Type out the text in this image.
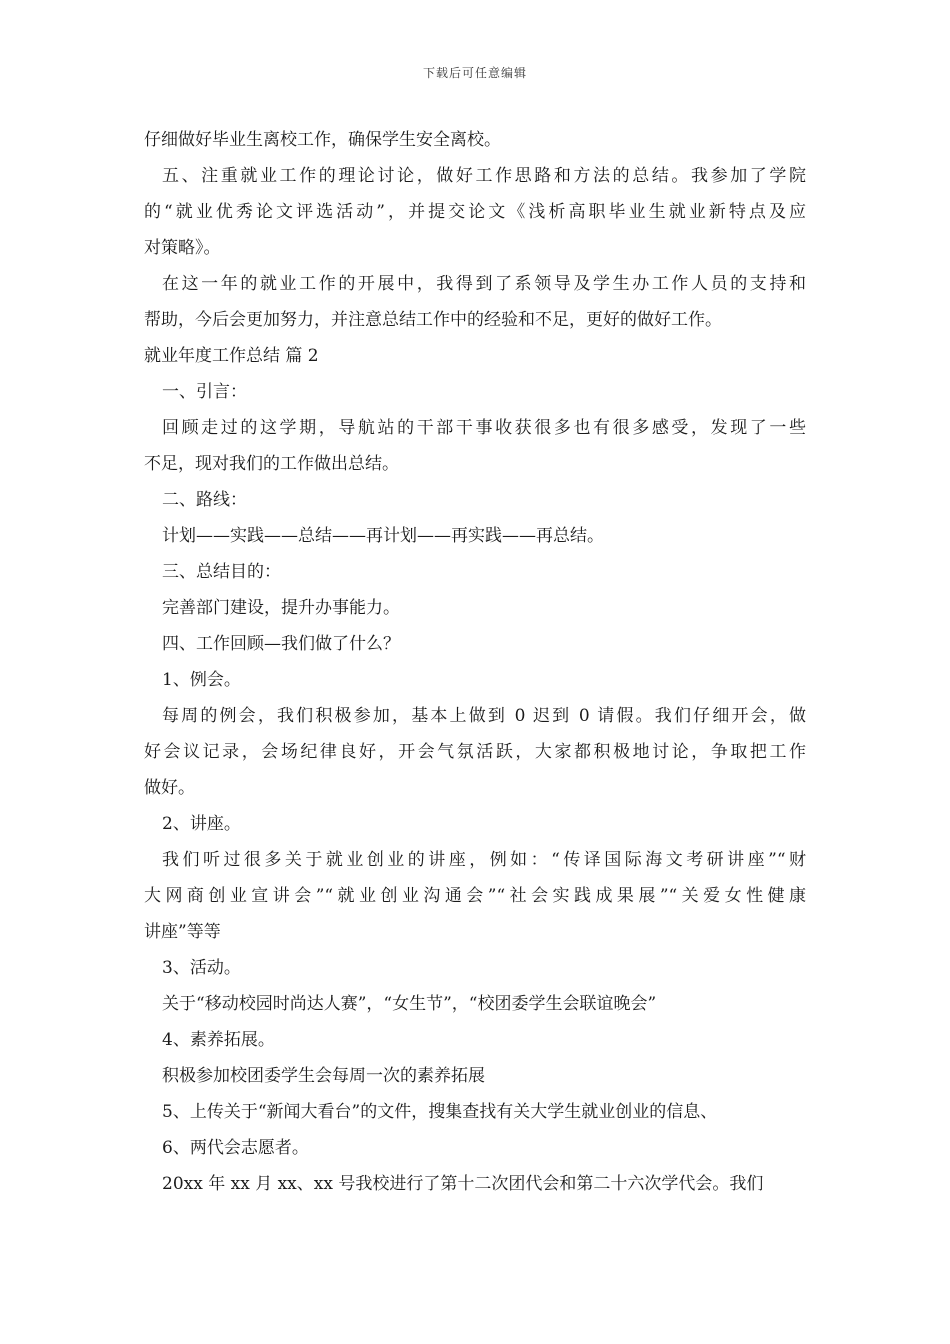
下载后可任意编辑
仔细做好毕业生离校工作，确保学生安全离校。
五、注重就业工作的理论讨论，做好工作思路和方法的总结。我参加了学院
的“就业优秀论文评选活动”，并提交论文《浅析高职毕业生就业新特点及应
对策略》。
在这一年的就业工作的开展中，我得到了系领导及学生办工作人员的支持和
帮助，今后会更加努力，并注意总结工作中的经验和不足，更好的做好工作。
就业年度工作总结 篇 2
一、引言：
回顾走过的这学期，导航站的干部干事收获很多也有很多感受，发现了一些
不足，现对我们的工作做出总结。
二、路线：
计划——实践——总结——再计划——再实践——再总结。
三、总结目的：
完善部门建设，提升办事能力。
四、工作回顾—我们做了什么？
1、例会。
每周的例会，我们积极参加，基本上做到 0 迟到 0 请假。我们仔细开会，做
好会议记录，会场纪律良好，开会气氛活跃，大家都积极地讨论，争取把工作
做好。
2、讲座。
我们听过很多关于就业创业的讲座，例如：“传译国际海文考研讲座”“财
大网商创业宣讲会”“就业创业沟通会”“社会实践成果展”“关爱女性健康
讲座”等等
3、活动。
关于“移动校园时尚达人赛”，“女生节”，“校团委学生会联谊晚会”
4、素养拓展。
积极参加校团委学生会每周一次的素养拓展
5、上传关于“新闻大看台”的文件，搜集查找有关大学生就业创业的信息、
6、两代会志愿者。
20xx 年 xx 月 xx、xx 号我校进行了第十二次团代会和第二十六次学代会。我们
